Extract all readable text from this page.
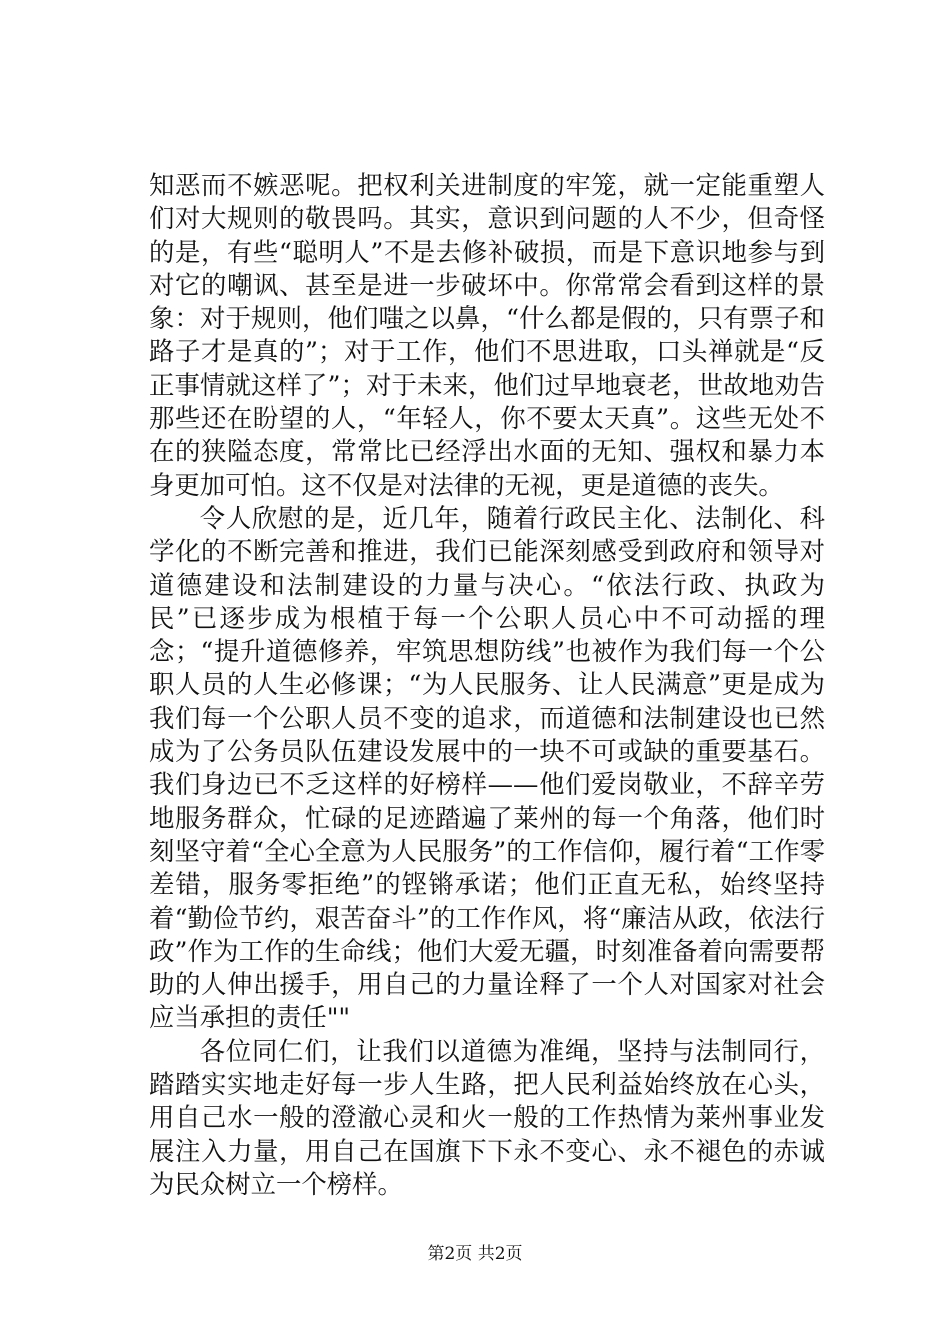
知恶而不嫉恶呢。把权利关进制度的牢笼，就一定能重塑人们对大规则的敬畏吗。其实，意识到问题的人不少，但奇怪的是，有些“聪明人”不是去修补破损，而是下意识地参与到对它的嘲讽、甚至是进一步破坏中。你常常会看到这样的景象：对于规则，他们嗤之以鼻，“什么都是假的，只有票子和路子才是真的”；对于工作，他们不思进取，口头禅就是“反正事情就这样了”；对于未来，他们过早地衰老，世故地劝告那些还在盼望的人，“年轻人，你不要太天真”。这些无处不在的狭隘态度，常常比已经浮出水面的无知、强权和暴力本身更加可怕。这不仅是对法律的无视，更是道德的丧失。

令人欣慰的是，近几年，随着行政民主化、法制化、科学化的不断完善和推进，我们已能深刻感受到政府和领导对道德建设和法制建设的力量与决心。“依法行政、执政为民”已逐步成为根植于每一个公职人员心中不可动摇的理念；“提升道德修养，牢筑思想防线”也被作为我们每一个公职人员的人生必修课；“为人民服务、让人民满意”更是成为我们每一个公职人员不变的追求，而道德和法制建设也已然成为了公务员队伍建设发展中的一块不可或缺的重要基石。我们身边已不乏这样的好榜样——他们爱岗敬业，不辞辛劳地服务群众，忙碌的足迹踏遍了莱州的每一个角落，他们时刻坚守着“全心全意为人民服务”的工作信仰，履行着“工作零差错，服务零拒绝”的铿锵承诺；他们正直无私，始终坚持着“勤俭节约，艰苦奋斗”的工作作风，将“廉洁从政，依法行政”作为工作的生命线；他们大爱无疆，时刻准备着向需要帮助的人伸出援手，用自己的力量诠释了一个人对国家对社会应当承担的责任""

各位同仁们，让我们以道德为准绳，坚持与法制同行，踏踏实实地走好每一步人生路，把人民利益始终放在心头，用自己水一般的澄澈心灵和火一般的工作热情为莱州事业发展注入力量，用自己在国旗下下永不变心、永不褪色的赤诚为民众树立一个榜样。

第2页 共2页
